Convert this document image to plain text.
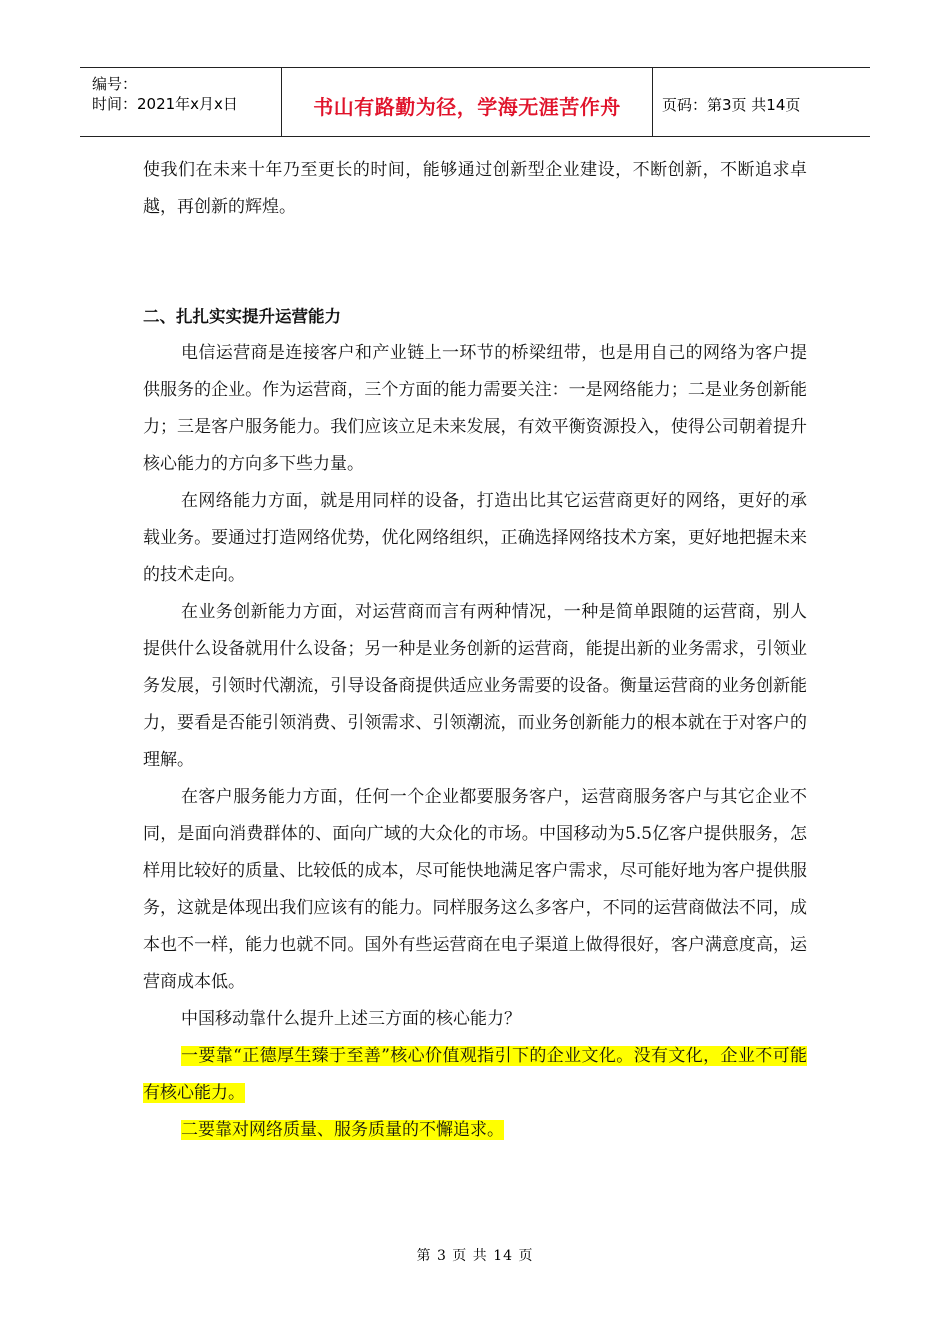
编号：
时间：2021年x月x日	书山有路勤为径，学海无涯苦作舟	页码：第3页 共14页

使我们在未来十年乃至更长的时间，能够通过创新型企业建设，不断创新，不断追求卓越，再创新的辉煌。

二、扎扎实实提升运营能力

电信运营商是连接客户和产业链上一环节的桥梁纽带，也是用自己的网络为客户提供服务的企业。作为运营商，三个方面的能力需要关注：一是网络能力；二是业务创新能力；三是客户服务能力。我们应该立足未来发展，有效平衡资源投入，使得公司朝着提升核心能力的方向多下些力量。

在网络能力方面，就是用同样的设备，打造出比其它运营商更好的网络，更好的承载业务。要通过打造网络优势，优化网络组织，正确选择网络技术方案，更好地把握未来的技术走向。

在业务创新能力方面，对运营商而言有两种情况，一种是简单跟随的运营商，别人提供什么设备就用什么设备；另一种是业务创新的运营商，能提出新的业务需求，引领业务发展，引领时代潮流，引导设备商提供适应业务需要的设备。衡量运营商的业务创新能力，要看是否能引领消费、引领需求、引领潮流，而业务创新能力的根本就在于对客户的理解。

在客户服务能力方面，任何一个企业都要服务客户，运营商服务客户与其它企业不同，是面向消费群体的、面向广域的大众化的市场。中国移动为5.5亿客户提供服务，怎样用比较好的质量、比较低的成本，尽可能快地满足客户需求，尽可能好地为客户提供服务，这就是体现出我们应该有的能力。同样服务这么多客户，不同的运营商做法不同，成本也不一样，能力也就不同。国外有些运营商在电子渠道上做得很好，客户满意度高，运营商成本低。

中国移动靠什么提升上述三方面的核心能力？

一要靠“正德厚生臻于至善”核心价值观指引下的企业文化。没有文化，企业不可能有核心能力。

二要靠对网络质量、服务质量的不懈追求。

第 3 页 共 14 页
